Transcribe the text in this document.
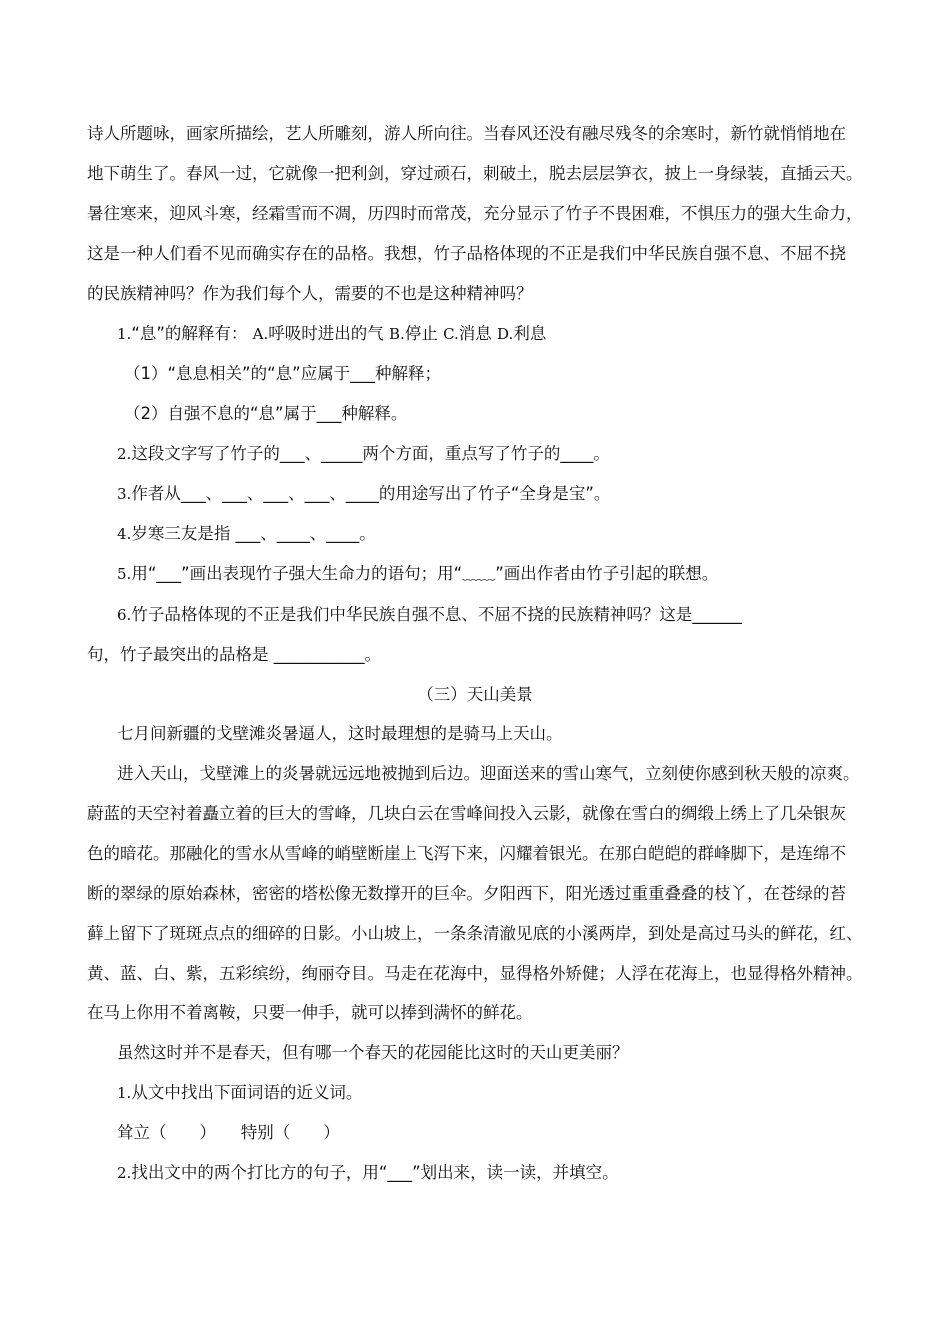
诗人所题咏，画家所描绘，艺人所雕刻，游人所向往。当春风还没有融尽残冬的余寒时，新竹就悄悄地在
地下萌生了。春风一过，它就像一把利剑，穿过顽石，刺破土，脱去层层笋衣，披上一身绿装，直插云天。
暑往寒来，迎风斗寒，经霜雪而不凋，历四时而常茂，充分显示了竹子不畏困难，不惧压力的强大生命力，
这是一种人们看不见而确实存在的品格。我想，竹子品格体现的不正是我们中华民族自强不息、不屈不挠
的民族精神吗？作为我们每个人，需要的不也是这种精神吗？
1.“息”的解释有： A.呼吸时进出的气 B.停止 C.消息 D.利息
（1）“息息相关”的“息”应属于___种解释；
（2）自强不息的“息”属于___种解释。
2.这段文字写了竹子的___、_____两个方面，重点写了竹子的____。
3.作者从___、___、___、___、____的用途写出了竹子“全身是宝”。
4.岁寒三友是指 ___、____、____。
5.用“___”画出表现竹子强大生命力的语句；用“﹏﹏”画出作者由竹子引起的联想。
6.竹子品格体现的不正是我们中华民族自强不息、不屈不挠的民族精神吗？这是______
句，竹子最突出的品格是 ___________。
（三）天山美景
七月间新疆的戈壁滩炎暑逼人，这时最理想的是骑马上天山。
进入天山，戈壁滩上的炎暑就远远地被抛到后边。迎面送来的雪山寒气，立刻使你感到秋天般的凉爽。
蔚蓝的天空衬着矗立着的巨大的雪峰，几块白云在雪峰间投入云影，就像在雪白的绸缎上绣上了几朵银灰
色的暗花。那融化的雪水从雪峰的峭壁断崖上飞泻下来，闪耀着银光。在那白皑皑的群峰脚下，是连绵不
断的翠绿的原始森林，密密的塔松像无数撑开的巨伞。夕阳西下，阳光透过重重叠叠的枝丫，在苍绿的苔
藓上留下了斑斑点点的细碎的日影。小山坡上，一条条清澈见底的小溪两岸，到处是高过马头的鲜花，红、
黄、蓝、白、紫，五彩缤纷，绚丽夺目。马走在花海中，显得格外矫健；人浮在花海上，也显得格外精神。
在马上你用不着离鞍，只要一伸手，就可以捧到满怀的鲜花。
虽然这时并不是春天，但有哪一个春天的花园能比这时的天山更美丽？
1.从文中找出下面词语的近义词。
耸立（　　）　　特别（　　）
2.找出文中的两个打比方的句子，用“___”划出来，读一读，并填空。
